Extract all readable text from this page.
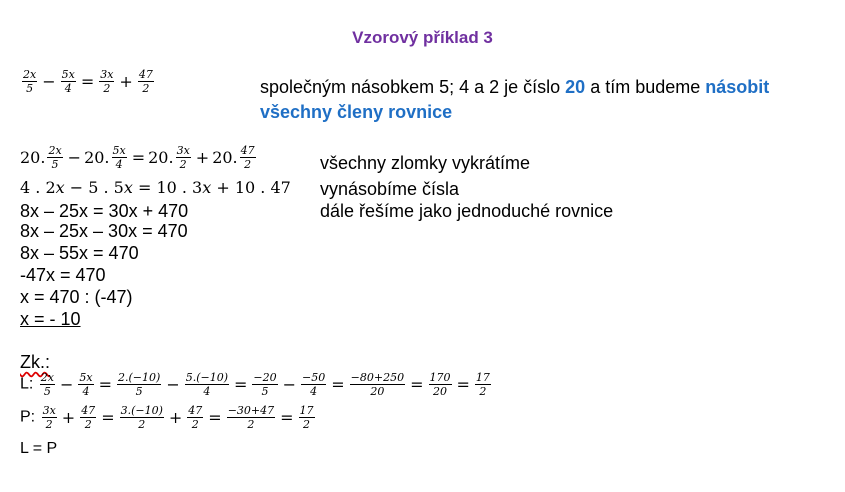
Vzorový příklad 3
$\frac{2x}{5} - \frac{5x}{4} = \frac{3x}{2} + \frac{47}{2}$	společným násobkem 5; 4 a 2 je číslo 20 a tím budeme násobit
všechny členy rovnice
20. $\frac{2x}{5} - 20$. $\frac{5x}{4} = 20$. $\frac{3x}{2} + 20$. $\frac{47}{2}$	všechny zlomky vykrátíme
4 . 2𝑥 − 5 . 5𝑥 = 10 . 3𝑥 + 10 . 47 vynásobíme čísla
8x – 25x = 30x + 470	dále řešíme jako jednoduché rovnice
8x – 25x – 30x = 470
8x – 55x = 470
-47x = 470
x = 470 : (-47)
x = - 10
Zk.:
L: $\frac{2x}{5} - \frac{5x}{4} = \frac{2.(-10)}{5} - \frac{5.(-10)}{4} = \frac{-20}{5} - \frac{-50}{4} = \frac{-80+250}{20} = \frac{170}{20} = \frac{17}{2}$
P: $\frac{3x}{2} + \frac{47}{2} = \frac{3.(-10)}{2} + \frac{47}{2} = \frac{-30+47}{2} = \frac{17}{2}$
L = P
